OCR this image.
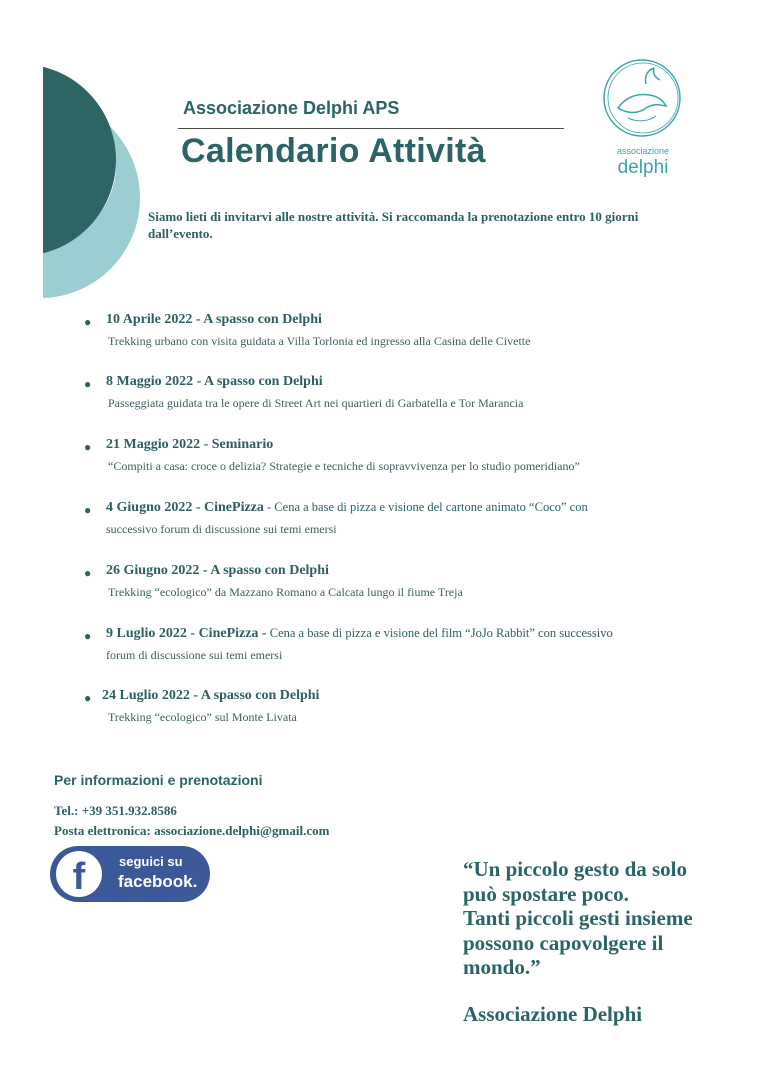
Associazione Delphi APS
Calendario Attività	associazione
delphi
Siamo lieti di invitarvi alle nostre attività. Si raccomanda la prenotazione entro 10 giorni dall’evento.
● 10 Aprile 2022 - A spasso con Delphi
Trekking urbano con visita guidata a Villa Torlonia ed ingresso alla Casina delle Civette
● 8 Maggio 2022 - A spasso con Delphi
Passeggiata guidata tra le opere di Street Art nei quartieri di Garbatella e Tor Marancia
● 21 Maggio 2022 - Seminario
“Compiti a casa: croce o delizia? Strategie e tecniche di sopravvivenza per lo studio pomeridiano”
● 4 Giugno 2022 - CinePizza - Cena a base di pizza e visione del cartone animato “Coco” con
successivo forum di discussione sui temi emersi
● 26 Giugno 2022 - A spasso con Delphi
Trekking “ecologico” da Mazzano Romano a Calcata lungo il fiume Treja
● 9 Luglio 2022 - CinePizza - Cena a base di pizza e visione del film “JoJo Rabbit” con successivo
forum di discussione sui temi emersi
● 24 Luglio 2022 - A spasso con Delphi
Trekking “ecologico” sul Monte Livata
Per informazioni e prenotazioni
Tel.: +39 351.932.8586
Posta elettronica: associazione.delphi@gmail.com
f	seguici su
facebook.
“Un piccolo gesto da solo
può spostare poco.
Tanti piccoli gesti insieme
possono capovolgere il
mondo.”
Associazione Delphi
